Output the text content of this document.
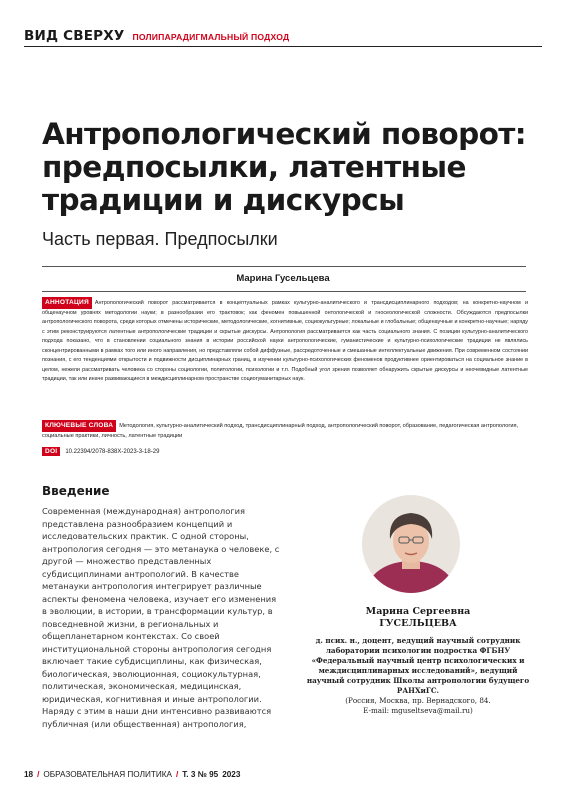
ВИД СВЕРХУ ПОЛИПАРАДИГМАЛЬНЫЙ ПОДХОД
Антропологический поворот:
предпосылки, латентные
традиции и дискурсы
Часть первая. Предпосылки
Марина Гусельцева
АННОТАЦИЯ Антропологический поворот рассматривается в концептуальных рамках культурно-аналитического и трансдисциплинарного подходов; на конкретно-научном и общенаучном уровнях методологии науки; в разнообразии его трактовок; как феномен повышенной онтологической и гносеологической сложности. Обсуждаются предпосылки антропологического поворота, среди которых отмечены исторические, методологические, когнитивные, социокультурные; локальные и глобальные; общенаучные и конкретно-научные; наряду с этим реконструируются латентные антропологические традиции и скрытые дискурсы. Антропология рассматривается как часть социального знания. С позиции культурно-аналитического подхода показано, что в становлении социального знания в истории российской науки антропологические, гуманистические и культурно-психологические традиции не являлись сконцентрированными в рамках того или иного направления, но представляли собой диффузные, рассредоточенные и смешанные интеллектуальные движения. При современном состоянии познания, с его тенденциями открытости и подвижности дисциплинарных границ, в изучении культурно-психологических феноменов продуктивнее ориентироваться на социальное знание в целом, нежели рассматривать человека со стороны социологии, политологии, психологии и т.п. Подобный угол зрения позволяет обнаружить скрытые дискурсы и неочевидные латентные традиции, так или иначе развивающиеся в междисциплинарном пространстве социогуманитарных наук.
КЛЮЧЕВЫЕ СЛОВА Методология, культурно-аналитический подход, трансдисциплинарный подход, антропологический поворот, образование, педагогическая антропология, социальные практики, личность, латентные традиции
DOI 10.22394/2078-838X-2023-3-18-29
Введение

Современная (международная) антропология представлена разнообразием концепций и исследовательских практик. С одной стороны, антропология сегодня — это метанаука о человеке, с другой — множество представленных субдисциплинами антропологий. В качестве метанауки антропология интегрирует различные аспекты феномена человека, изучает его изменения в эволюции, в истории, в трансформации культур, в повседневной жизни, в региональных и общепланетарном контекстах. Со своей институциональной стороны антропология сегодня включает такие субдисциплины, как физическая, биологическая, эволюционная, социокультурная, политическая, экономическая, медицинская, юридическая, когнитивная и иные антропологии. Наряду с этим в наши дни интенсивно развиваются публичная (или общественная) антропология,

Марина Сергеевна
ГУСЕЛЬЦЕВА
д. псих. н., доцент, ведущий научный сотрудник лаборатории психологии подростка ФГБНУ «Федеральный научный центр психологических и междисциплинарных исследований», ведущий научный сотрудник Школы антропологии будущего РАНХиГС.
(Россия, Москва, пр. Вернадского, 84.
E-mail: mguseltseva@mail.ru)
18 / ОБРАЗОВАТЕЛЬНАЯ ПОЛИТИКА / Т. 3 № 95 2023
